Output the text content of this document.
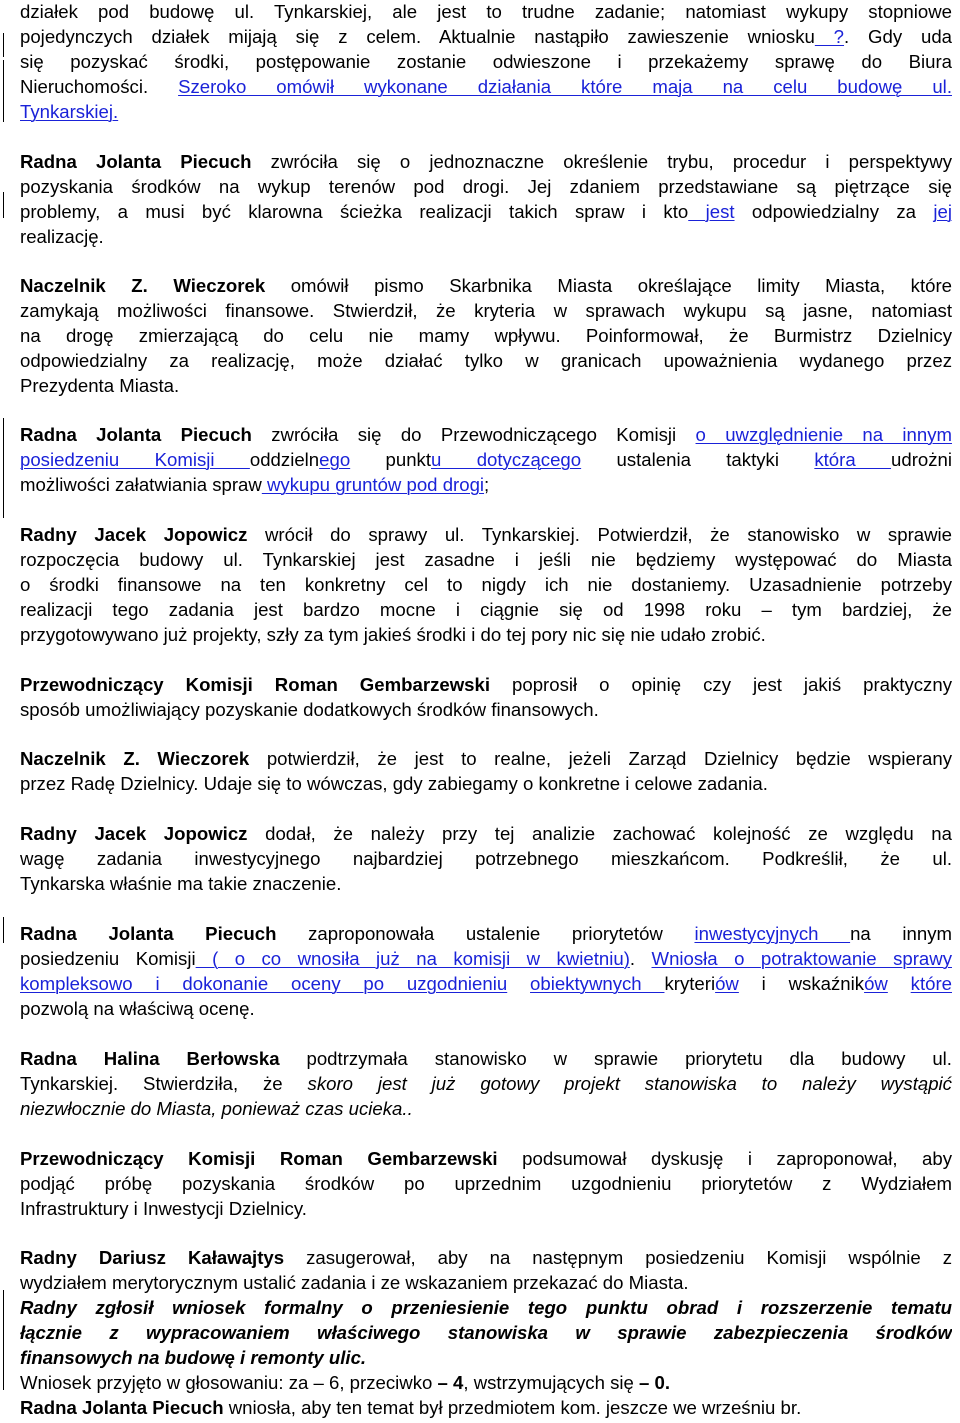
działek pod budowę ul. Tynkarskiej, ale jest to trudne zadanie; natomiast wykupy stopniowe
pojedynczych działek mijają się z celem. Aktualnie nastąpiło zawieszenie wniosku ?. Gdy uda
się pozyskać środki, postępowanie zostanie odwieszone i przekażemy sprawę do Biura
Nieruchomości. Szeroko omówił wykonane działania które maja na celu budowę ul.
Tynkarskiej.
Radna Jolanta Piecuch zwróciła się o jednoznaczne określenie trybu, procedur i perspektywy
pozyskania środków na wykup terenów pod drogi. Jej zdaniem przedstawiane są piętrzące się
problemy, a musi być klarowna ścieżka realizacji takich spraw i kto jest odpowiedzialny za jej
realizację.
Naczelnik Z. Wieczorek omówił pismo Skarbnika Miasta określające limity Miasta, które
zamykają możliwości finansowe. Stwierdził, że kryteria w sprawach wykupu są jasne, natomiast
na drogę zmierzającą do celu nie mamy wpływu. Poinformował, że Burmistrz Dzielnicy
odpowiedzialny za realizację, może działać tylko w granicach upoważnienia wydanego przez
Prezydenta Miasta.
Radna Jolanta Piecuch zwróciła się do Przewodniczącego Komisji o uwzględnienie na innym
posiedzeniu Komisji oddzielnego punktu dotyczącego ustalenia taktyki która udrożni
możliwości załatwiania spraw wykupu gruntów pod drogi;
Radny Jacek Jopowicz wrócił do sprawy ul. Tynkarskiej. Potwierdził, że stanowisko w sprawie
rozpoczęcia budowy ul. Tynkarskiej jest zasadne i jeśli nie będziemy występować do Miasta
o środki finansowe na ten konkretny cel to nigdy ich nie dostaniemy. Uzasadnienie potrzeby
realizacji tego zadania jest bardzo mocne i ciągnie się od 1998 roku – tym bardziej, że
przygotowywano już projekty, szły za tym jakieś środki i do tej pory nic się nie udało zrobić.
Przewodniczący Komisji Roman Gembarzewski poprosił o opinię czy jest jakiś praktyczny
sposób umożliwiający pozyskanie dodatkowych środków finansowych.
Naczelnik Z. Wieczorek potwierdził, że jest to realne, jeżeli Zarząd Dzielnicy będzie wspierany
przez Radę Dzielnicy. Udaje się to wówczas, gdy zabiegamy o konkretne i celowe zadania.
Radny Jacek Jopowicz dodał, że należy przy tej analizie zachować kolejność ze względu na
wagę zadania inwestycyjnego najbardziej potrzebnego mieszkańcom. Podkreślił, że ul.
Tynkarska właśnie ma takie znaczenie.
Radna Jolanta Piecuch zaproponowała ustalenie priorytetów inwestycyjnych na innym
posiedzeniu Komisji ( o co wnosiła już na komisji w kwietniu). Wniosła o potraktowanie sprawy
kompleksowo i dokonanie oceny po uzgodnieniu obiektywnych kryteriów i wskaźników które
pozwolą na właściwą ocenę.
Radna Halina Berłowska podtrzymała stanowisko w sprawie priorytetu dla budowy ul.
Tynkarskiej. Stwierdziła, że skoro jest już gotowy projekt stanowiska to należy wystąpić
niezwłocznie do Miasta, ponieważ czas ucieka..
Przewodniczący Komisji Roman Gembarzewski podsumował dyskusję i zaproponował, aby
podjąć próbę pozyskania środków po uprzednim uzgodnieniu priorytetów z Wydziałem
Infrastruktury i Inwestycji Dzielnicy.
Radny Dariusz Kaławajtys zasugerował, aby na następnym posiedzeniu Komisji wspólnie z
wydziałem merytorycznym ustalić zadania i ze wskazaniem przekazać do Miasta.
Radny zgłosił wniosek formalny o przeniesienie tego punktu obrad i rozszerzenie tematu
łącznie z wypracowaniem właściwego stanowiska w sprawie zabezpieczenia środków
finansowych na budowę i remonty ulic.
Wniosek przyjęto w głosowaniu: za – 6, przeciwko – 4, wstrzymujących się – 0.
Radna Jolanta Piecuch wniosła, aby ten temat był przedmiotem kom. jeszcze we wrześniu br.
